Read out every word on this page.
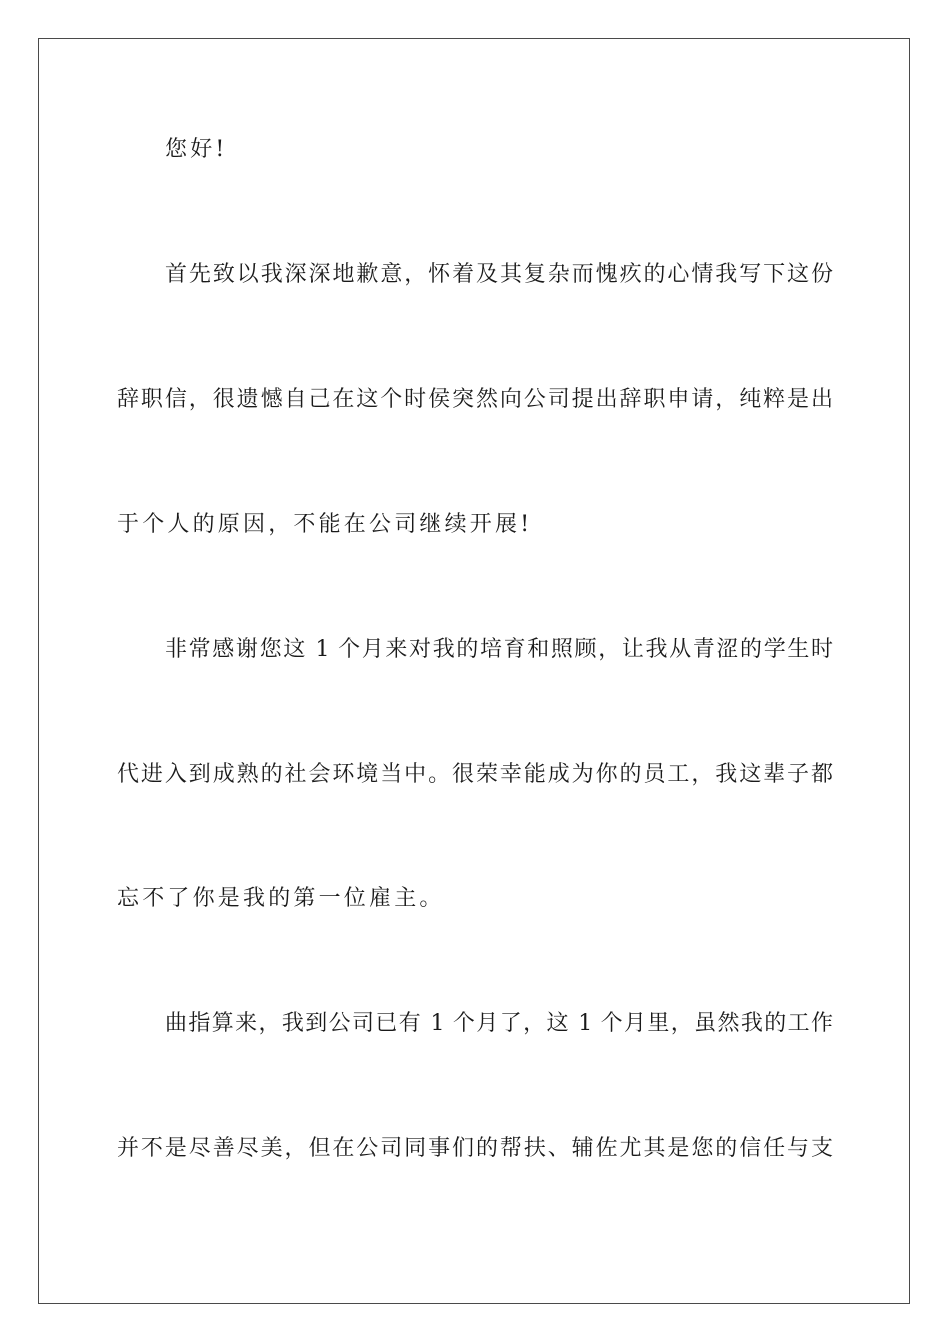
您好!
首先致以我深深地歉意，怀着及其复杂而愧疚的心情我写下这份
辞职信，很遗憾自己在这个时侯突然向公司提出辞职申请，纯粹是出
于个人的原因，不能在公司继续开展!
非常感谢您这 1 个月来对我的培育和照顾，让我从青涩的学生时
代进入到成熟的社会环境当中。很荣幸能成为你的员工，我这辈子都
忘不了你是我的第一位雇主。
曲指算来，我到公司已有 1 个月了，这 1 个月里，虽然我的工作
并不是尽善尽美，但在公司同事们的帮扶、辅佐尤其是您的信任与支
